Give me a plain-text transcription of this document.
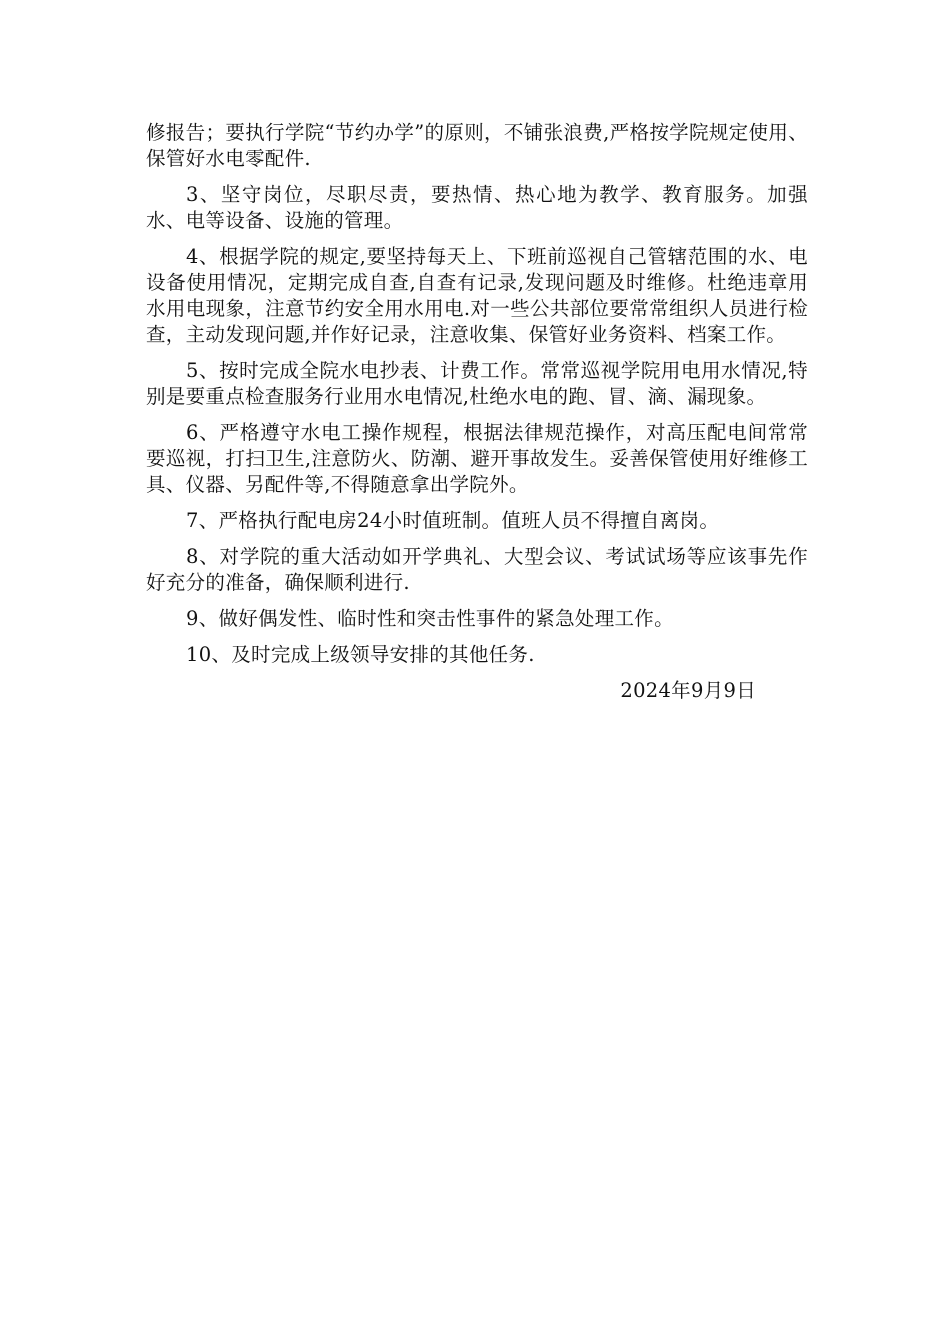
修报告；要执行学院“节约办学”的原则，不铺张浪费,严格按学院规定使用、保管好水电零配件.

3、坚守岗位，尽职尽责，要热情、热心地为教学、教育服务。加强水、电等设备、设施的管理。

4、根据学院的规定,要坚持每天上、下班前巡视自己管辖范围的水、电设备使用情况，定期完成自查,自查有记录,发现问题及时维修。杜绝违章用水用电现象，注意节约安全用水用电.对一些公共部位要常常组织人员进行检查，主动发现问题,并作好记录，注意收集、保管好业务资料、档案工作。

5、按时完成全院水电抄表、计费工作。常常巡视学院用电用水情况,特别是要重点检查服务行业用水电情况,杜绝水电的跑、冒、滴、漏现象。

6、严格遵守水电工操作规程，根据法律规范操作，对高压配电间常常要巡视，打扫卫生,注意防火、防潮、避开事故发生。妥善保管使用好维修工具、仪器、另配件等,不得随意拿出学院外。

7、严格执行配电房24小时值班制。值班人员不得擅自离岗。

8、对学院的重大活动如开学典礼、大型会议、考试试场等应该事先作好充分的准备，确保顺利进行.

9、做好偶发性、临时性和突击性事件的紧急处理工作。

10、及时完成上级领导安排的其他任务.

2024年9月9日
